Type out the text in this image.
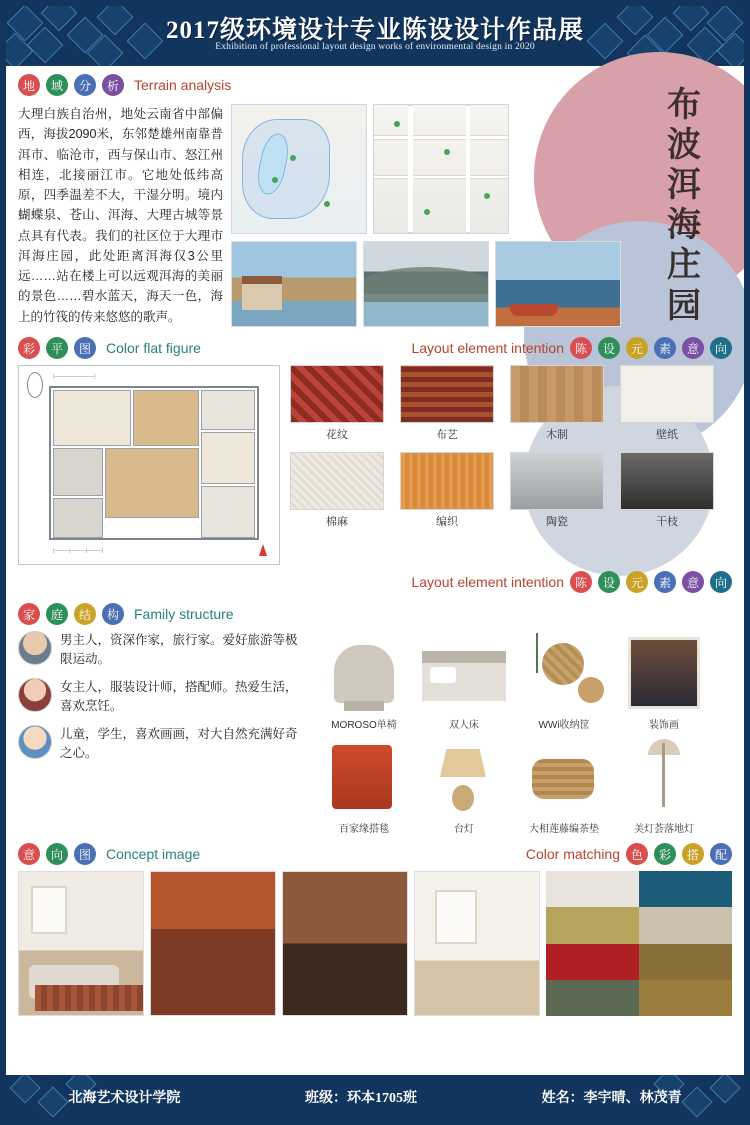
2017级环境设计专业陈设设计作品展
Exhibition of professional layout design works of environmental design in 2020
布
波
洱
海
庄
园
地	域	分	析	Terrain analysis
大理白族自治州，地处云南省中部偏西，海拔2090米，东邻楚雄州南靠普洱市、临沧市，西与保山市、怒江州相连，北接丽江市。它地处低纬高原，四季温差不大，干湿分明。境内蝴蝶泉、苍山、洱海、大理古城等景点具有代表。我们的社区位于大理市洱海庄园，此处距离洱海仅3公里远……站在楼上可以远观洱海的美丽的景色……碧水蓝天，海天一色，海上的竹筏的传来悠悠的歌声。
彩	平	图	Color flat figure	Layout element intention 陈	设	元	素	意	向
|————————|
|———|———|———|
花纹	布艺	木制	壁纸
棉麻	编织	陶瓷	干枝
Layout element intention 陈	设	元	素	意	向
家	庭	结	构	Family structure
男主人，资深作家，旅行家。爱好旅游等极限运动。
女主人，服装设计师，搭配师。热爱生活，喜欢烹饪。
儿童，学生，喜欢画画，对大自然充满好奇之心。
MOROSO单椅	双人床	WWi收纳筐	装饰画
百家缘搭毯	台灯	大相莲藤编茶垫	美灯荟落地灯
意	向	图	Concept image	Color matching 色	彩	搭	配
北海艺术设计学院	班级：环本1705班	姓名：李宇晴、林茂青
